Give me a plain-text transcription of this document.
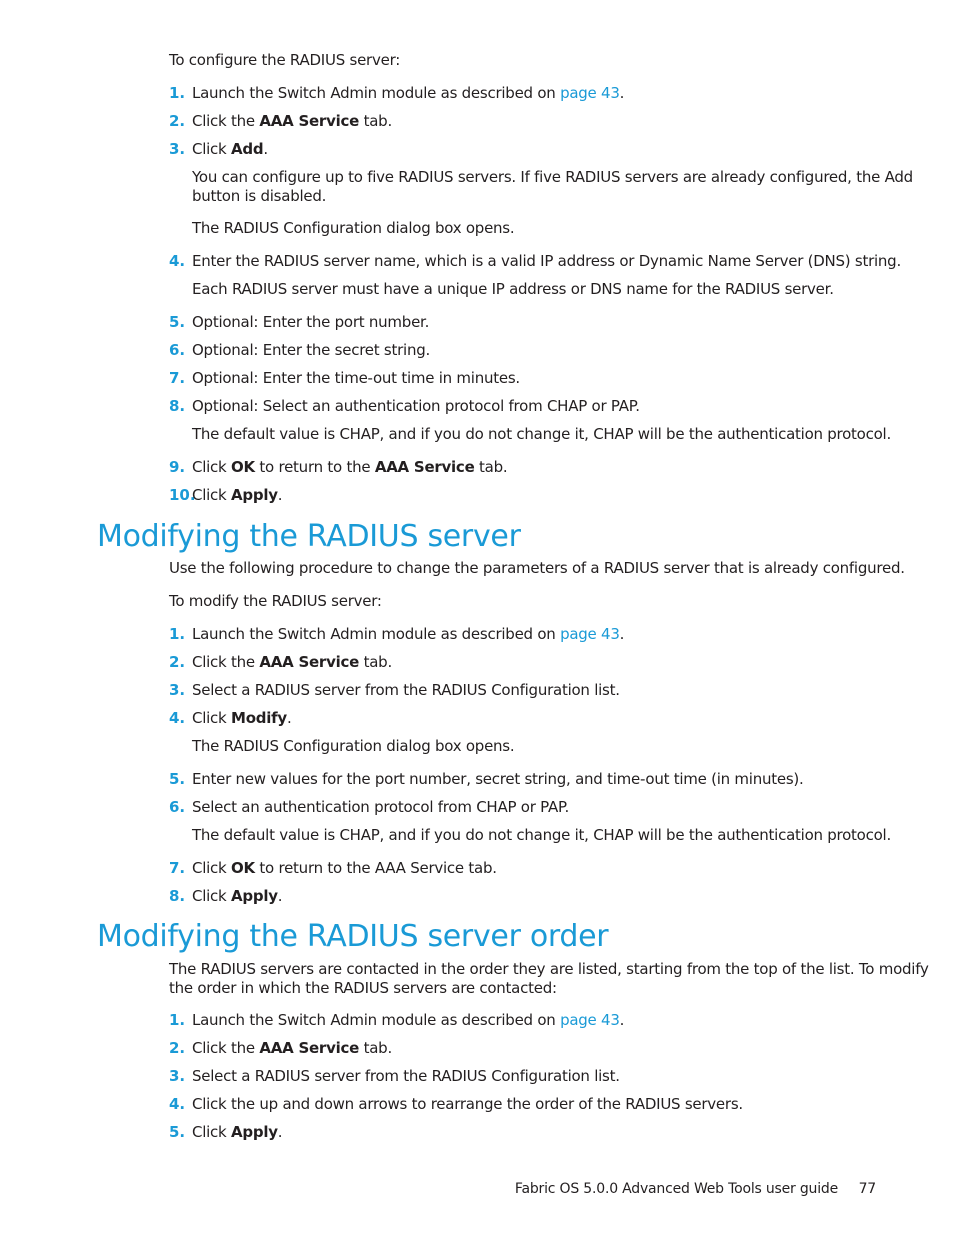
To configure the RADIUS server:
1. Launch the Switch Admin module as described on page 43.
2. Click the AAA Service tab.
3. Click Add.
You can configure up to five RADIUS servers. If five RADIUS servers are already configured, the Add
button is disabled.
The RADIUS Configuration dialog box opens.
4. Enter the RADIUS server name, which is a valid IP address or Dynamic Name Server (DNS) string.
Each RADIUS server must have a unique IP address or DNS name for the RADIUS server.
5. Optional: Enter the port number.
6. Optional: Enter the secret string.
7. Optional: Enter the time-out time in minutes.
8. Optional: Select an authentication protocol from CHAP or PAP.
The default value is CHAP, and if you do not change it, CHAP will be the authentication protocol.
9. Click OK to return to the AAA Service tab.
10.
Click Apply.
Modifying the RADIUS server
Use the following procedure to change the parameters of a RADIUS server that is already configured.
To modify the RADIUS server:
1. Launch the Switch Admin module as described on page 43.
2. Click the AAA Service tab.
3. Select a RADIUS server from the RADIUS Configuration list.
4. Click Modify.
The RADIUS Configuration dialog box opens.
5. Enter new values for the port number, secret string, and time-out time (in minutes).
6. Select an authentication protocol from CHAP or PAP.
The default value is CHAP, and if you do not change it, CHAP will be the authentication protocol.
7. Click OK to return to the AAA Service tab.
8. Click Apply.
Modifying the RADIUS server order
The RADIUS servers are contacted in the order they are listed, starting from the top of the list. To modify
the order in which the RADIUS servers are contacted:
1. Launch the Switch Admin module as described on page 43.
2. Click the AAA Service tab.
3. Select a RADIUS server from the RADIUS Configuration list.
4. Click the up and down arrows to rearrange the order of the RADIUS servers.
5. Click Apply.
Fabric OS 5.0.0 Advanced Web Tools user guide 77
